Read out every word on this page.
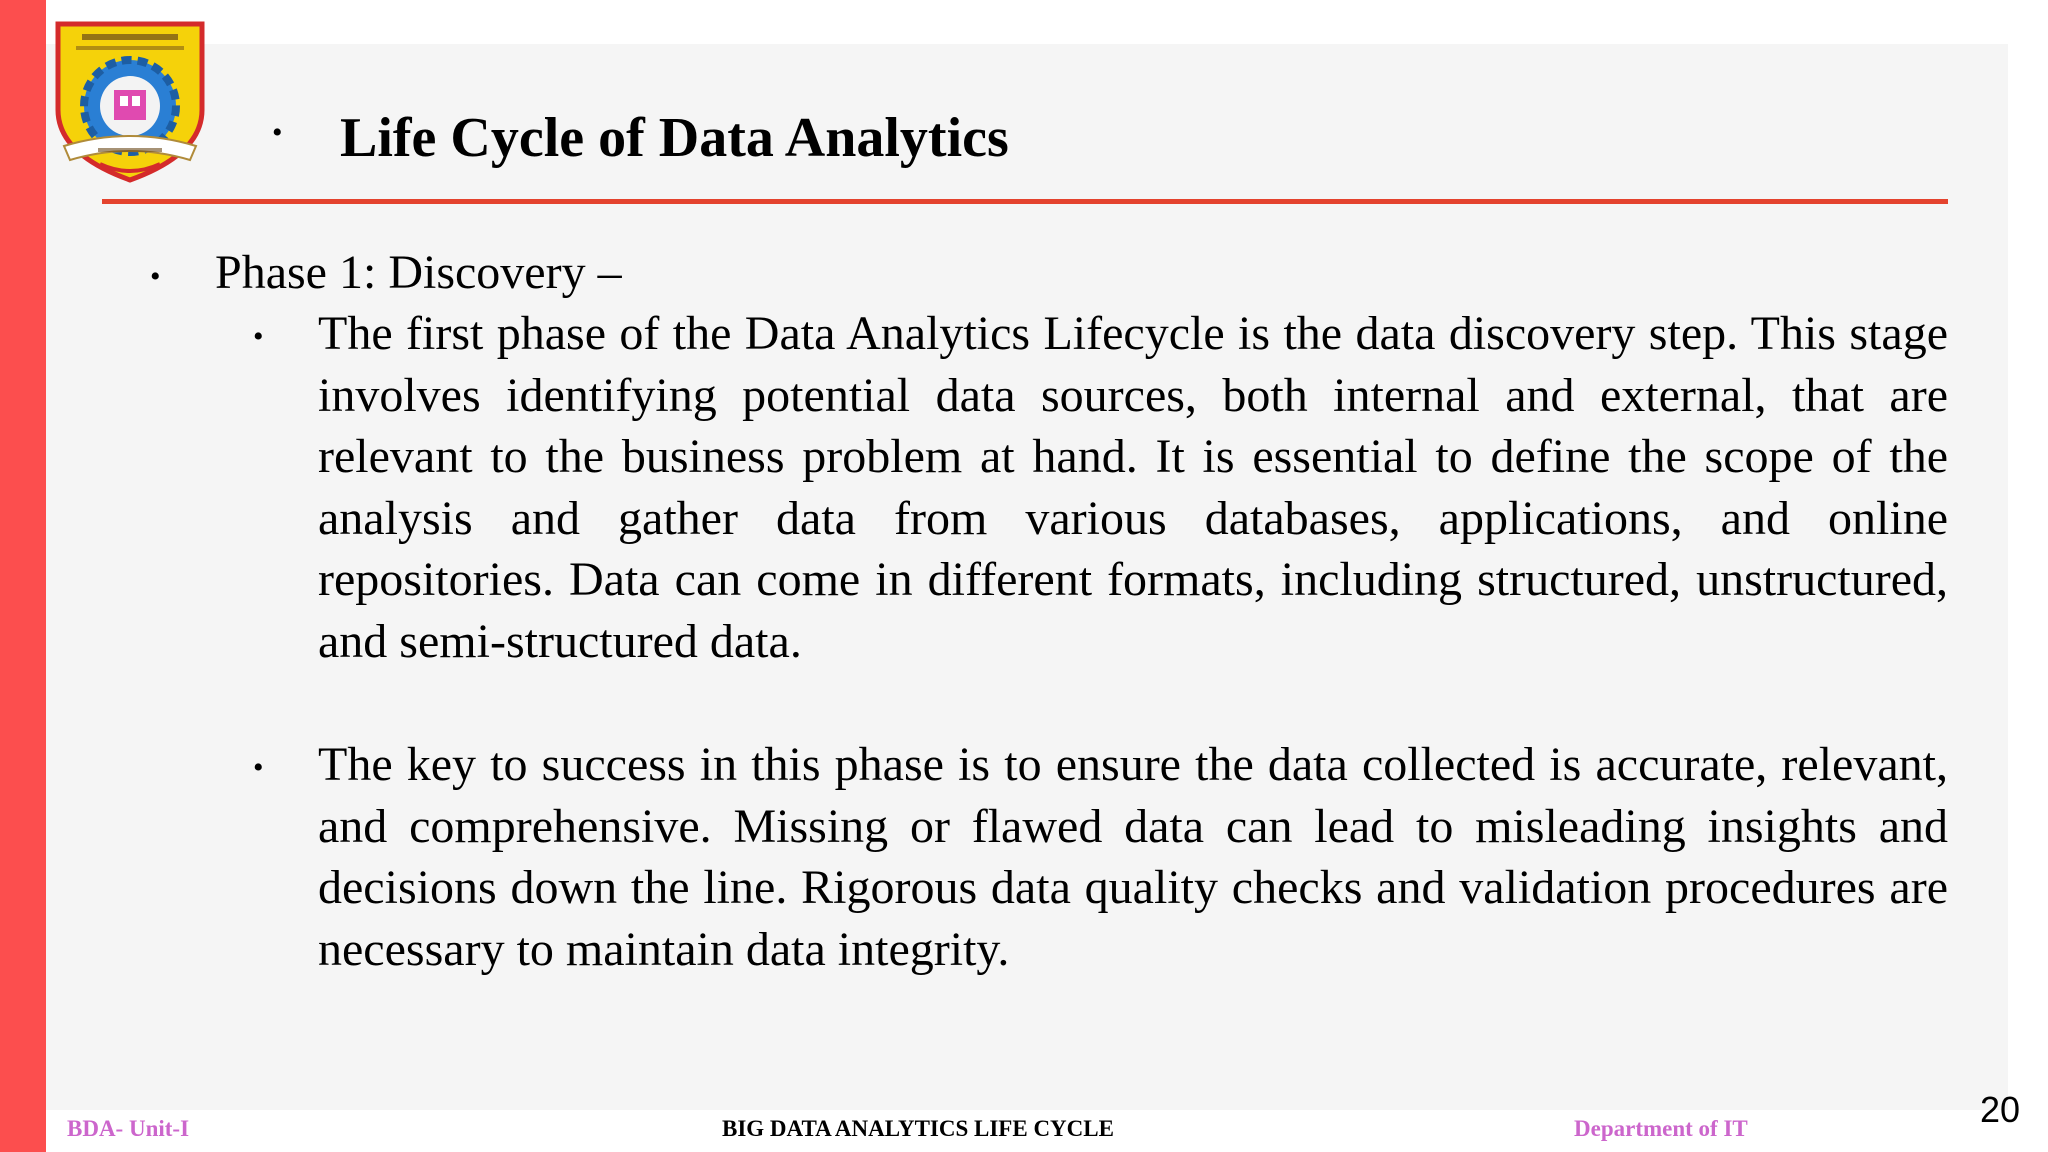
• Life Cycle of Data Analytics
• Phase 1: Discovery –
• The first phase of the Data Analytics Lifecycle is the data discovery step. This stage involves identifying potential data sources, both internal and external, that are relevant to the business problem at hand. It is essential to define the scope of the analysis and gather data from various databases, applications, and online repositories. Data can come in different formats, including structured, unstructured, and semi-structured data.
• The key to success in this phase is to ensure the data collected is accurate, relevant, and comprehensive. Missing or flawed data can lead to misleading insights and decisions down the line. Rigorous data quality checks and validation procedures are necessary to maintain data integrity.
BDA- Unit-I	BIG DATA ANALYTICS LIFE CYCLE	Department of IT	20
